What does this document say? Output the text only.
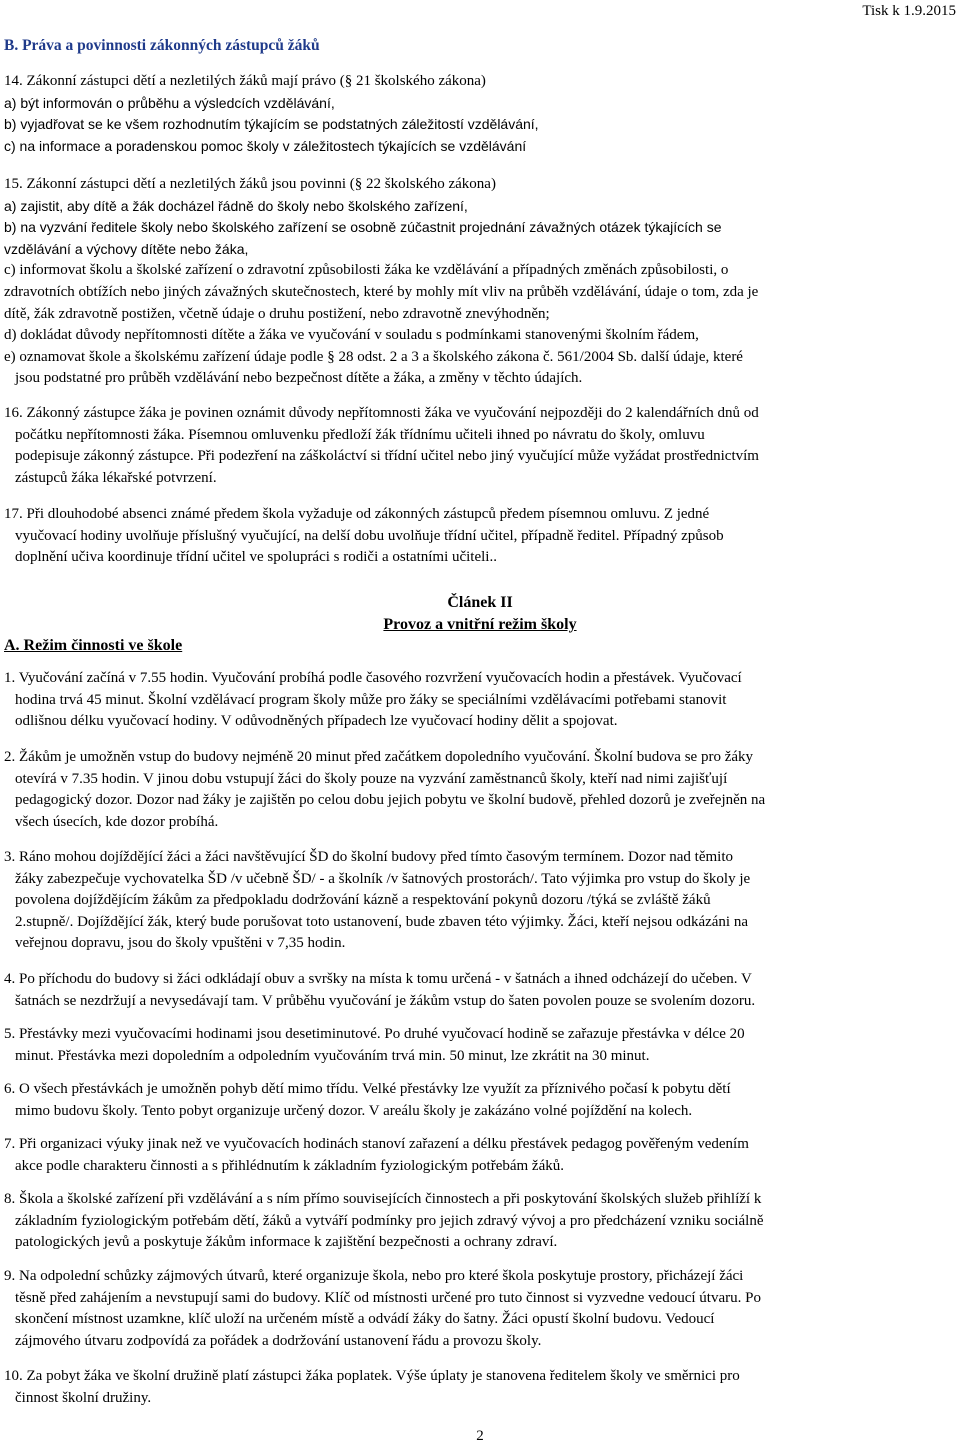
Tisk k 1.9.2015
B. Práva a povinnosti zákonných zástupců žáků
14. Zákonní zástupci dětí a nezletilých žáků mají právo (§ 21 školského zákona)
a) být informován o průběhu a výsledcích vzdělávání,
b) vyjadřovat se ke všem rozhodnutím týkajícím se podstatných záležitostí vzdělávání,
c) na informace a poradenskou pomoc školy v záležitostech týkajících se vzdělávání
15. Zákonní zástupci dětí a nezletilých žáků jsou povinni (§ 22 školského zákona)
a) zajistit, aby dítě a žák docházel řádně do školy nebo školského zařízení,
b) na vyzvání ředitele školy nebo školského zařízení se osobně zúčastnit projednání závažných otázek týkajících se
vzdělávání a výchovy dítěte nebo žáka,
c) informovat školu a školské zařízení o zdravotní způsobilosti žáka ke vzdělávání a případných změnách způsobilosti, o
zdravotních obtížích nebo jiných závažných skutečnostech, které by mohly mít vliv na průběh vzdělávání, údaje o tom, zda je
dítě, žák zdravotně postižen, včetně údaje o druhu postižení, nebo zdravotně znevýhodněn;
d) dokládat důvody nepřítomnosti dítěte a žáka ve vyučování v souladu s podmínkami stanovenými školním řádem,
e) oznamovat škole a školskému zařízení údaje podle § 28 odst. 2 a 3 a školského zákona č. 561/2004 Sb. další údaje, které
jsou podstatné pro průběh vzdělávání nebo bezpečnost dítěte a žáka, a změny v těchto údajích.
16. Zákonný zástupce žáka je povinen oznámit důvody nepřítomnosti žáka ve vyučování nejpozději do 2 kalendářních dnů od
počátku nepřítomnosti žáka. Písemnou omluvenku předloží žák třídnímu učiteli ihned po návratu do školy, omluvu
podepisuje zákonný zástupce. Při podezření na záškoláctví si třídní učitel nebo jiný vyučující může vyžádat prostřednictvím
zástupců žáka lékařské potvrzení.
17. Při dlouhodobé absenci známé předem škola vyžaduje od zákonných zástupců předem písemnou omluvu. Z jedné
vyučovací hodiny uvolňuje příslušný vyučující, na delší dobu uvolňuje třídní učitel, případně ředitel. Případný způsob
doplnění učiva koordinuje třídní učitel ve spolupráci s rodiči a ostatními učiteli..
Článek II
Provoz a vnitřní režim školy
A. Režim činnosti ve škole
1. Vyučování začíná v 7.55 hodin. Vyučování probíhá podle časového rozvržení vyučovacích hodin a přestávek. Vyučovací
hodina trvá 45 minut. Školní vzdělávací program školy může pro žáky se speciálními vzdělávacími potřebami stanovit
odlišnou délku vyučovací hodiny. V odůvodněných případech lze vyučovací hodiny dělit a spojovat.
2. Žákům je umožněn vstup do budovy nejméně 20 minut před začátkem dopoledního vyučování. Školní budova se pro žáky
otevírá v 7.35 hodin. V jinou dobu vstupují žáci do školy pouze na vyzvání zaměstnanců školy, kteří nad nimi zajišťují
pedagogický dozor. Dozor nad žáky je zajištěn po celou dobu jejich pobytu ve školní budově, přehled dozorů je zveřejněn na
všech úsecích, kde dozor probíhá.
3. Ráno mohou dojíždějící žáci a žáci navštěvující ŠD do školní budovy před tímto časovým termínem. Dozor nad těmito
žáky zabezpečuje vychovatelka ŠD /v učebně ŠD/ - a školník /v šatnových prostorách/. Tato výjimka pro vstup do školy je
povolena dojíždějícím žákům za předpokladu dodržování kázně a respektování pokynů dozoru /týká se zvláště žáků
2.stupně/. Dojíždějící žák, který bude porušovat toto ustanovení, bude zbaven této výjimky. Žáci, kteří nejsou odkázáni na
veřejnou dopravu, jsou do školy vpuštěni v 7,35 hodin.
4. Po příchodu do budovy si žáci odkládají obuv a svršky na místa k tomu určená - v šatnách a ihned odcházejí do učeben. V
šatnách se nezdržují a nevysedávají tam. V průběhu vyučování je žákům vstup do šaten povolen pouze se svolením dozoru.
5. Přestávky mezi vyučovacími hodinami jsou desetiminutové. Po druhé vyučovací hodině se zařazuje přestávka v délce 20
minut. Přestávka mezi dopoledním a odpoledním vyučováním trvá min. 50 minut, lze zkrátit na 30 minut.
6. O všech přestávkách je umožněn pohyb dětí mimo třídu. Velké přestávky lze využít za příznivého počasí k pobytu dětí
mimo budovu školy. Tento pobyt organizuje určený dozor. V areálu školy je zakázáno volné pojíždění na kolech.
7. Při organizaci výuky jinak než ve vyučovacích hodinách stanoví zařazení a délku přestávek pedagog pověřeným vedením
akce podle charakteru činnosti a s přihlédnutím k základním fyziologickým potřebám žáků.
8. Škola a školské zařízení při vzdělávání a s ním přímo souvisejících činnostech a při poskytování školských služeb přihlíží k
základním fyziologickým potřebám dětí, žáků a vytváří podmínky pro jejich zdravý vývoj a pro předcházení vzniku sociálně
patologických jevů a poskytuje žákům informace k zajištění bezpečnosti a ochrany zdraví.
9. Na odpolední schůzky zájmových útvarů, které organizuje škola, nebo pro které škola poskytuje prostory, přicházejí žáci
těsně před zahájením a nevstupují sami do budovy. Klíč od místnosti určené pro tuto činnost si vyzvedne vedoucí útvaru. Po
skončení místnost uzamkne, klíč uloží na určeném místě a odvádí žáky do šatny. Žáci opustí školní budovu. Vedoucí
zájmového útvaru zodpovídá za pořádek a dodržování ustanovení řádu a provozu školy.
10. Za pobyt žáka ve školní družině platí zástupci žáka poplatek. Výše úplaty je stanovena ředitelem školy ve směrnici pro
činnost školní družiny.
2
